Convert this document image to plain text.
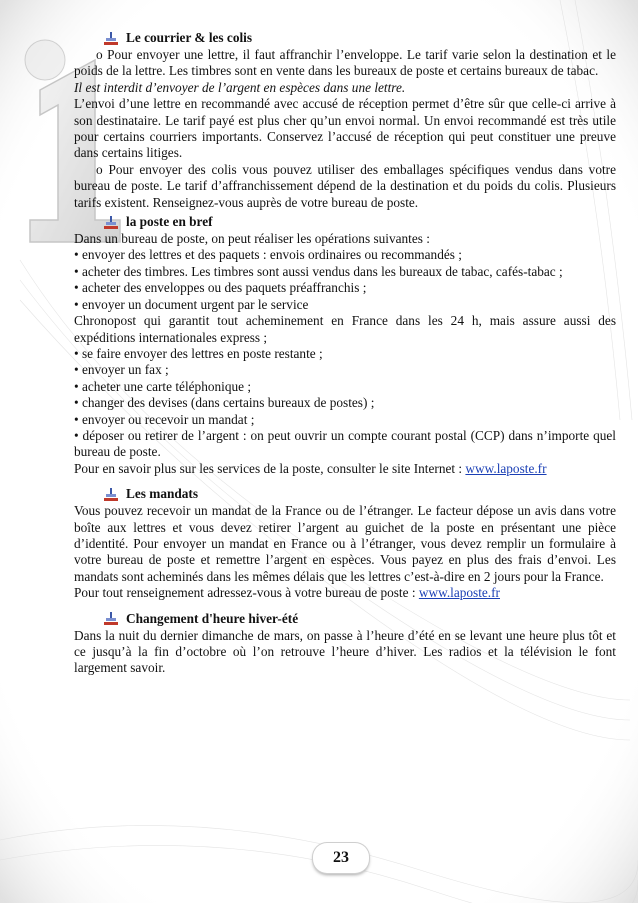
Le courrier & les colis

o Pour envoyer une lettre, il faut affranchir l’enveloppe. Le tarif varie selon la destination et le poids de la lettre. Les timbres sont en vente dans les bureaux de poste et certains bureaux de tabac.

Il est interdit d’envoyer de l’argent en espèces dans une lettre.

L’envoi d’une lettre en recommandé avec accusé de réception permet d’être sûr que celle-ci arrive à son destinataire. Le tarif payé est plus cher qu’un envoi normal. Un envoi recommandé est très utile pour certains courriers importants. Conservez l’accusé de réception qui peut constituer une preuve dans certains litiges.

o Pour envoyer des colis vous pouvez utiliser des emballages spécifiques vendus dans votre bureau de poste. Le tarif d’affranchissement dépend de la destination et du poids du colis. Plusieurs tarifs existent. Renseignez-vous auprès de votre bureau de poste.

la poste en bref

Dans un bureau de poste, on peut réaliser les opérations suivantes :

• envoyer des lettres et des paquets : envois ordinaires ou recommandés ;

• acheter des timbres. Les timbres sont aussi vendus dans les bureaux de tabac, cafés-tabac ;

• acheter des enveloppes ou des paquets préaffranchis ;

• envoyer un document urgent par le service

Chronopost qui garantit tout acheminement en France dans les 24 h, mais assure aussi des expéditions internationales express ;

• se faire envoyer des lettres en poste restante ;

• envoyer un fax ;

• acheter une carte téléphonique ;

• changer des devises (dans certains bureaux de postes) ;

• envoyer ou recevoir un mandat ;

• déposer ou retirer de l’argent : on peut ouvrir un compte courant postal (CCP) dans n’importe quel bureau de poste.

Pour en savoir plus sur les services de la poste, consulter le site Internet : www.laposte.fr

Les mandats

Vous pouvez recevoir un mandat de la France ou de l’étranger. Le facteur dépose un avis dans votre boîte aux lettres et vous devez retirer l’argent au guichet de la poste en présentant une pièce d’identité. Pour envoyer un mandat en France ou à l’étranger, vous devez remplir un formulaire à votre bureau de poste et remettre l’argent en espèces. Vous payez en plus des frais d’envoi. Les mandats sont acheminés dans les mêmes délais que les lettres c’est-à-dire en 2 jours pour la France.

Pour tout renseignement adressez-vous à votre bureau de poste : www.laposte.fr

Changement d'heure hiver-été

Dans la nuit du dernier dimanche de mars, on passe à l’heure d’été en se levant une heure plus tôt et ce jusqu’à la fin d’octobre où l’on retrouve l’heure d’hiver. Les radios et la télévision le font largement savoir.

23
